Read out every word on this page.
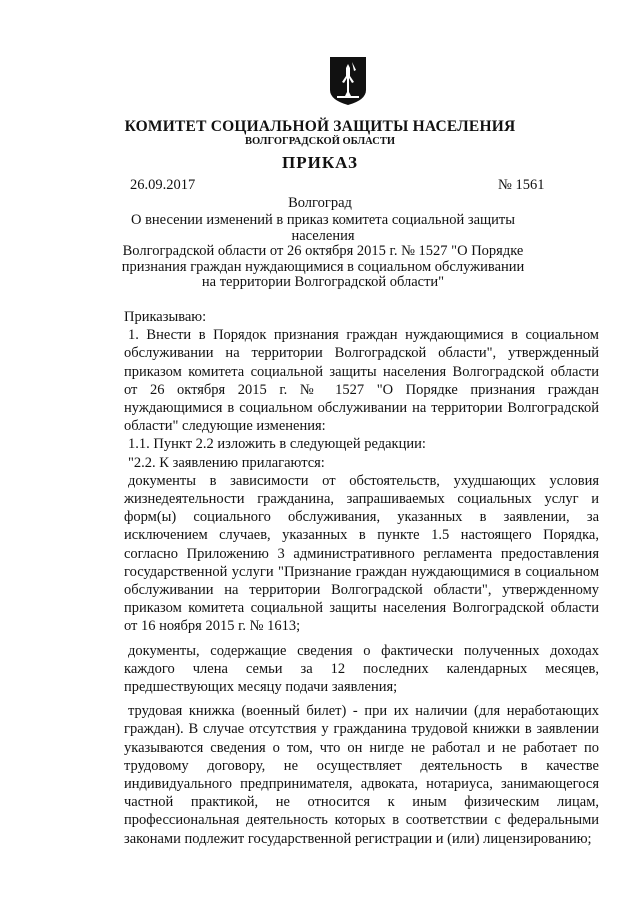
КОМИТЕТ СОЦИАЛЬНОЙ ЗАЩИТЫ НАСЕЛЕНИЯ
ВОЛГОГРАДСКОЙ ОБЛАСТИ
ПРИКАЗ
26.09.2017	№ 1561
Волгоград
О внесении изменений в приказ комитета социальной защиты населения
Волгоградской области от 26 октября 2015 г. № 1527 "О Порядке
признания граждан нуждающимися в социальном обслуживании
на территории Волгоградской области"

Приказываю:

1. Внести в Порядок признания граждан нуждающимися в социальном обслуживании на территории Волгоградской области", утвержденный приказом комитета социальной защиты населения Волгоградской области от 26 октября 2015 г. № 1527 "О Порядке признания граждан нуждающимися в социальном обслуживании на территории Волгоградской области" следующие изменения:

1.1. Пункт 2.2 изложить в следующей редакции:

"2.2. К заявлению прилагаются:

документы в зависимости от обстоятельств, ухудшающих условия жизнедеятельности гражданина, запрашиваемых социальных услуг и форм(ы) социального обслуживания, указанных в заявлении, за исключением случаев, указанных в пункте 1.5 настоящего Порядка, согласно Приложению 3 административного регламента предоставления государственной услуги "Признание граждан нуждающимися в социальном обслуживании на территории Волгоградской области", утвержденному приказом комитета социальной защиты населения Волгоградской области от 16 ноября 2015 г. № 1613;

документы, содержащие сведения о фактически полученных доходах каждого члена семьи за 12 последних календарных месяцев, предшествующих месяцу подачи заявления;

трудовая книжка (военный билет) - при их наличии (для неработающих граждан). В случае отсутствия у гражданина трудовой книжки в заявлении указываются сведения о том, что он нигде не работал и не работает по трудовому договору, не осуществляет деятельность в качестве индивидуального предпринимателя, адвоката, нотариуса, занимающегося частной практикой, не относится к иным физическим лицам, профессиональная деятельность которых в соответствии с федеральными законами подлежит государственной регистрации и (или) лицензированию;
